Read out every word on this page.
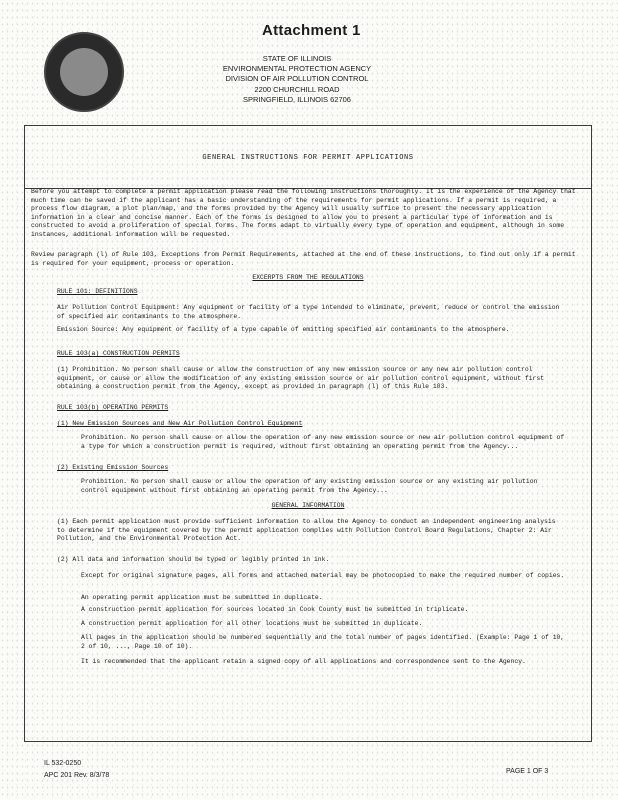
Attachment 1
STATE OF ILLINOIS
ENVIRONMENTAL PROTECTION AGENCY
DIVISION OF AIR POLLUTION CONTROL
2200 CHURCHILL ROAD
SPRINGFIELD, ILLINOIS 62706
GENERAL INSTRUCTIONS FOR PERMIT APPLICATIONS
Before you attempt to complete a permit application please read the following instructions thoroughly. It is the experience of the Agency that much time can be saved if the applicant has a basic understanding of the requirements for permit applications. If a permit is required, a process flow diagram, a plot plan/map, and the forms provided by the Agency will usually suffice to present the necessary application information in a clear and concise manner. Each of the forms is designed to allow you to present a particular type of information and is constructed to avoid a proliferation of special forms. The forms adapt to virtually every type of operation and equipment, although in some instances, additional information will be requested.
Review paragraph (l) of Rule 103, Exceptions from Permit Requirements, attached at the end of these instructions, to find out only if a permit is required for your equipment, process or operation.
EXCERPTS FROM THE REGULATIONS
RULE 101: DEFINITIONS
Air Pollution Control Equipment: Any equipment or facility of a type intended to eliminate, prevent, reduce or control the emission of specified air contaminants to the atmosphere.
Emission Source: Any equipment or facility of a type capable of emitting specified air contaminants to the atmosphere.
RULE 103(a) CONSTRUCTION PERMITS
(1) Prohibition. No person shall cause or allow the construction of any new emission source or any new air pollution control equipment, or cause or allow the modification of any existing emission source or air pollution control equipment, without first obtaining a construction permit from the Agency, except as provided in paragraph (l) of this Rule 103.
RULE 103(b) OPERATING PERMITS
(1) New Emission Sources and New Air Pollution Control Equipment
Prohibition. No person shall cause or allow the operation of any new emission source or new air pollution control equipment of a type for which a construction permit is required, without first obtaining an operating permit from the Agency...
(2) Existing Emission Sources
Prohibition. No person shall cause or allow the operation of any existing emission source or any existing air pollution control equipment without first obtaining an operating permit from the Agency...
GENERAL INFORMATION
(1) Each permit application must provide sufficient information to allow the Agency to conduct an independent engineering analysis to determine if the equipment covered by the permit application complies with Pollution Control Board Regulations, Chapter 2: Air Pollution, and the Environmental Protection Act.
(2) All data and information should be typed or legibly printed in ink.
Except for original signature pages, all forms and attached material may be photocopied to make the required number of copies.
An operating permit application must be submitted in duplicate.
A construction permit application for sources located in Cook County must be submitted in triplicate.
A construction permit application for all other locations must be submitted in duplicate.
All pages in the application should be numbered sequentially and the total number of pages identified. (Example: Page 1 of 10, 2 of 10, ..., Page 10 of 10).
It is recommended that the applicant retain a signed copy of all applications and correspondence sent to the Agency.
IL 532-0250
APC 201 Rev. 8/3/78
PAGE 1 OF 3
